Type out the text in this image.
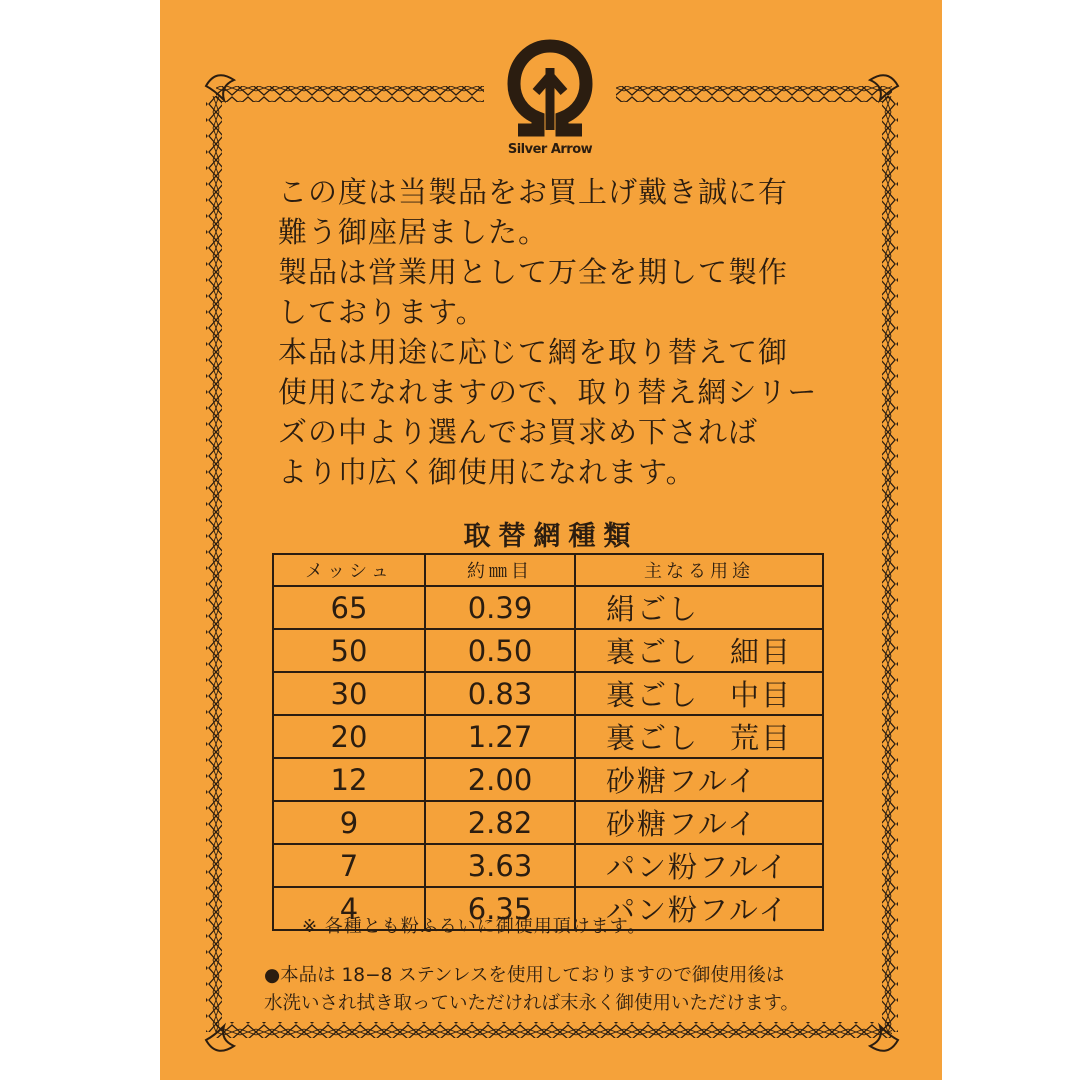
Silver Arrow

この度は当製品をお買上げ戴き誠に有

難う御座居ました。

製品は営業用として万全を期して製作

しております。

本品は用途に応じて網を取り替えて御

使用になれますので、取り替え網シリー

ズの中より選んでお買求め下されば

より巾広く御使用になれます。

取替網種類
メッシュ	約㎜目	主なる用途
65	0.39	絹ごし
50	0.50	裏ごし　細目
30	0.83	裏ごし　中目
20	1.27	裏ごし　荒目
12	2.00	砂糖フルイ
9	2.82	砂糖フルイ
7	3.63	パン粉フルイ
4	6.35	パン粉フルイ
※ 各種とも粉ふるいに御使用頂けます。

●本品は 18−8 ステンレスを使用しておりますので御使用後は

水洗いされ拭き取っていただければ末永く御使用いただけます。
